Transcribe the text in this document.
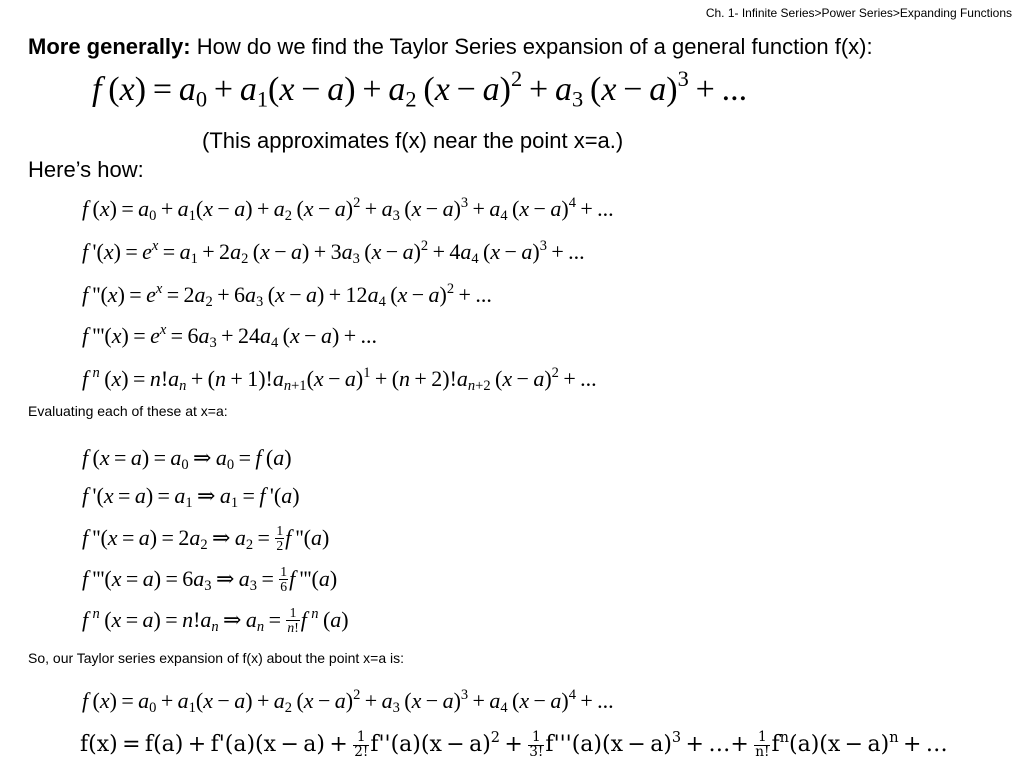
Ch. 1- Infinite Series>Power Series>Expanding Functions
More generally: How do we find the Taylor Series expansion of a general function f(x):
f $(x) = a_0 + a_1(x - a) + a_2$ $(x - a)^2 + a_3$ $(x - a)^3$ + ...
(This approximates f(x) near the point x=a.)
Here’s how:
f $(x) = a_0 + a_1(x - a) + a_2$ $(x - a)^2 + a_3$ $(x - a)^3 + a_4$ $(x - a)^4$ + ...
f '$(x) = e^x = a_1 + 2a_2$ $(x - a) + 3a_3$ $(x - a)^2 + 4a_4$ $(x - a)^3$ + ...
f ''$(x) = e^x = 2a_2 + 6a_3$ $(x - a) + 12a_4$ $(x - a)^2$ + ...
f '''$(x) = e^x = 6a_3 + 24a_4$ (x − a) + ...
f  $^n$ $(x) = n!a_n + (n + 1)!a_{n+1}(x - a)^1 + (n + 2)!a_{n+2}$ $(x - a)^2$ + ...
Evaluating each of these at x=a:
f $(x = a) = a_0$ ⇒ $a_0 = f$ (a)
f '$(x = a) = a_1$ ⇒ $a_1 = f$ '(a)
f ''$(x = a) = 2a_2$ ⇒ $a_2 = \frac{1}{2}$ f ''(a)
f '''$(x = a) = 6a_3$ ⇒ $a_3 = \frac{1}{6}$ f '''(a)
f  $^n$ $(x = a) = n!a_n$ ⇒ $a_n = \frac{1}{n!}$ f  $^n$ (a)
So, our Taylor series expansion of f(x) about the point x=a is:
f $(x) = a_0 + a_1(x - a) + a_2$ $(x - a)^2 + a_3$ $(x - a)^3 + a_4$ $(x - a)^4$ + ...
$f(x) = f(a) + f'(a)(x - a) + \frac{1}{2!} f''(a)(x - a)^2 + \frac{1}{3!} f'''(a)(x - a)^3$ + …+  $\frac{1}{n!} f^n(a)(x - a)^n$ + …
